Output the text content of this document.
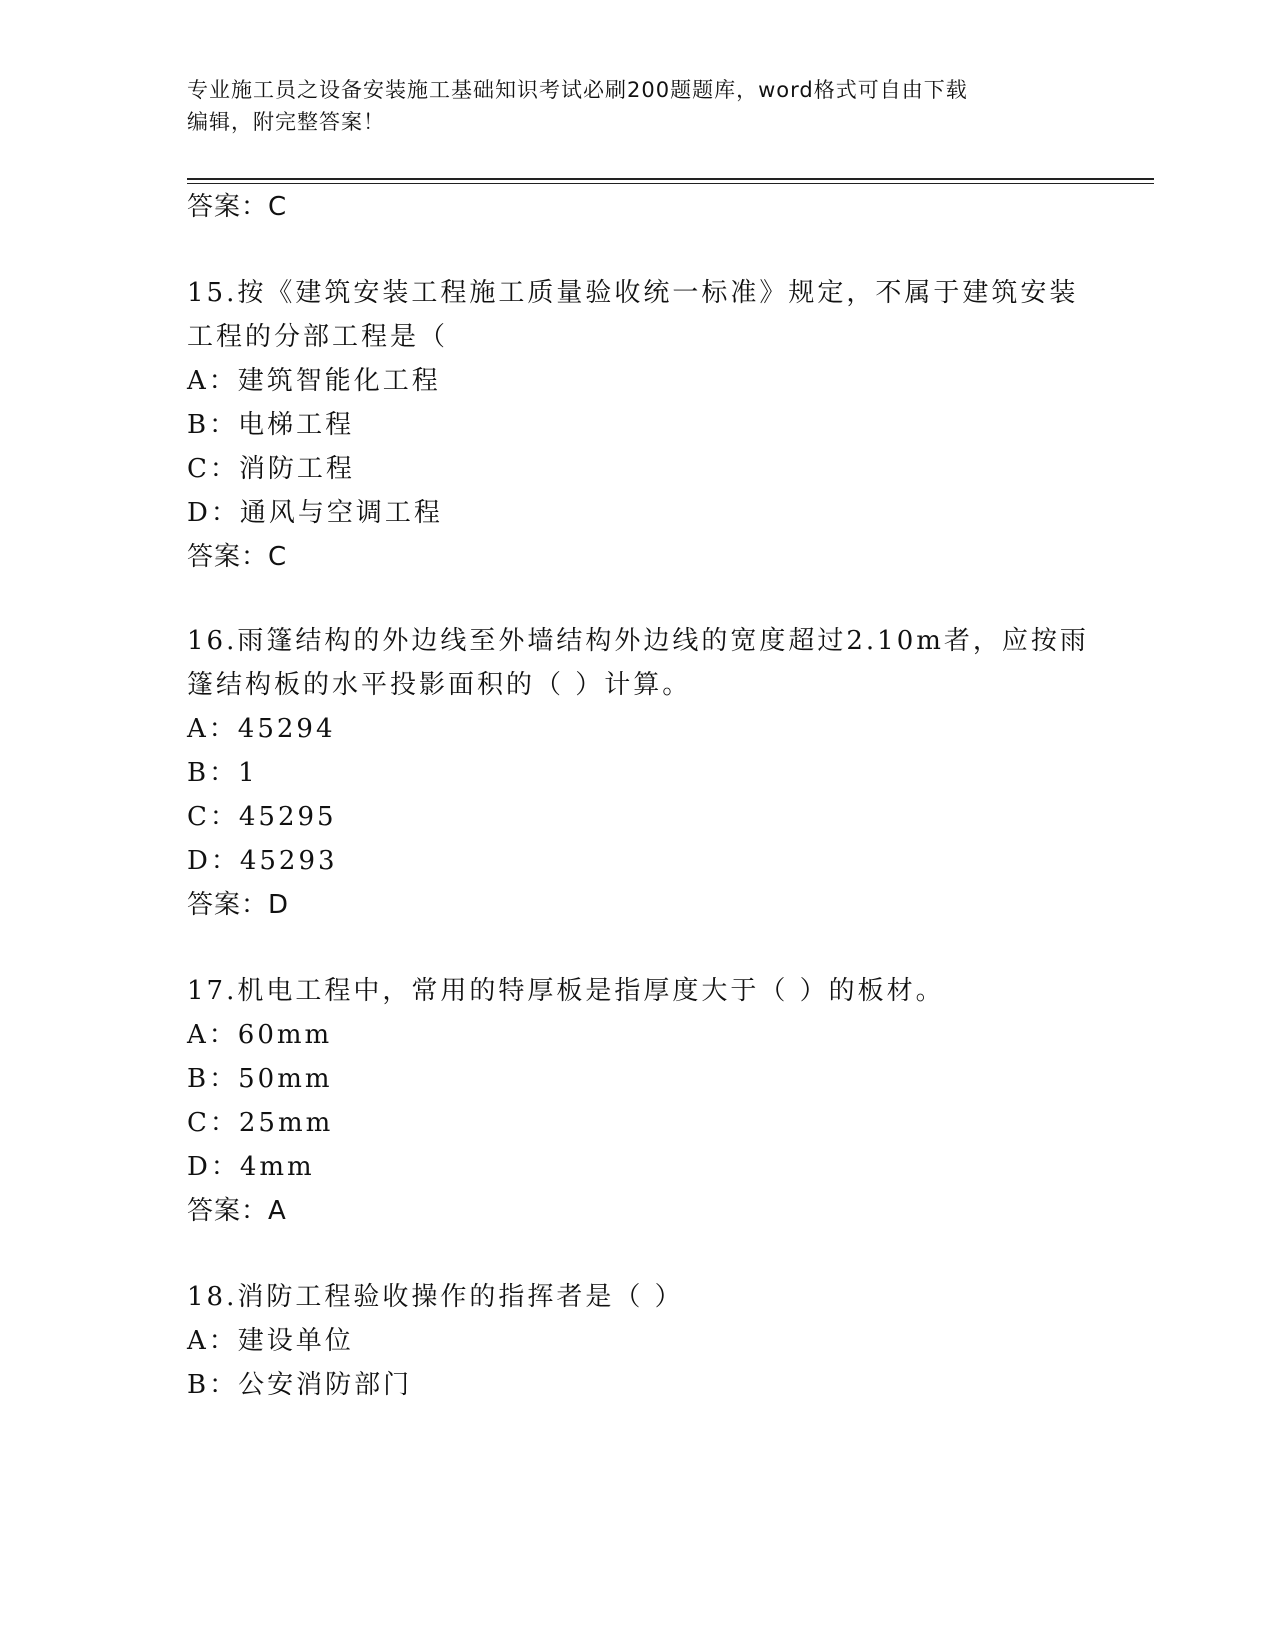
专业施工员之设备安装施工基础知识考试必刷200题题库，word格式可自由下载
编辑，附完整答案！
答案：C
15.按《建筑安装工程施工质量验收统一标准》规定，不属于建筑安装
工程的分部工程是（
A：建筑智能化工程
B：电梯工程
C：消防工程
D：通风与空调工程
答案：C
16.雨篷结构的外边线至外墙结构外边线的宽度超过2.10m者，应按雨
篷结构板的水平投影面积的（ ）计算。
A：45294
B：1
C：45295
D：45293
答案：D
17.机电工程中，常用的特厚板是指厚度大于（ ）的板材。
A：60mm
B：50mm
C：25mm
D：4mm
答案：A
18.消防工程验收操作的指挥者是（ ）
A：建设单位
B：公安消防部门
